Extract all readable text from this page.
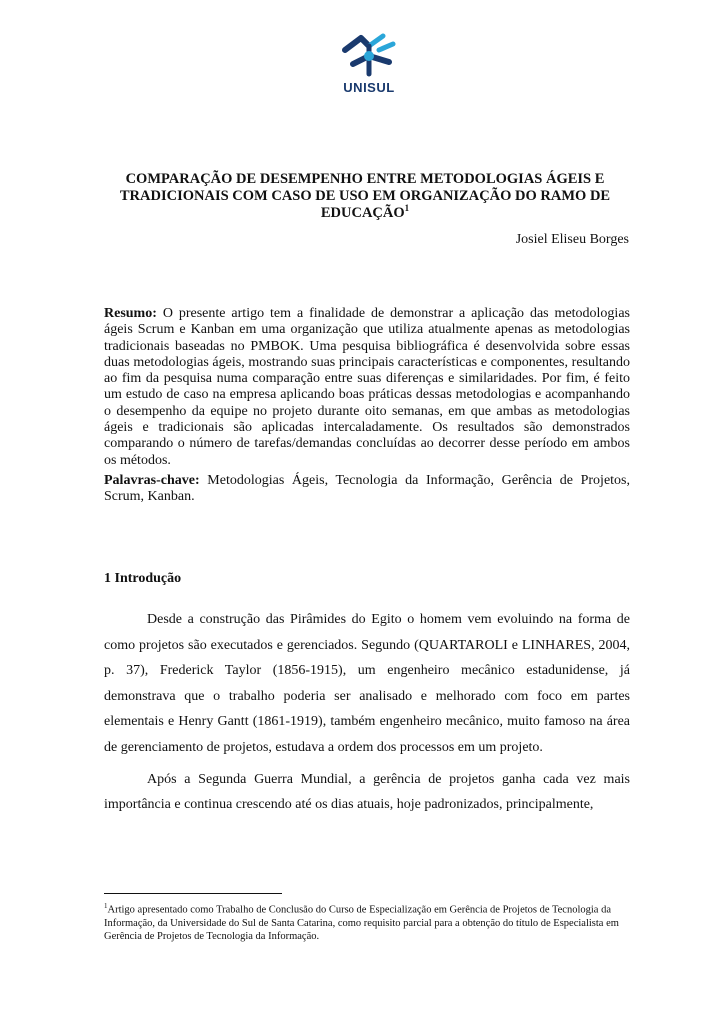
UNISUL
COMPARAÇÃO DE DESEMPENHO ENTRE METODOLOGIAS ÁGEIS E TRADICIONAIS COM CASO DE USO EM ORGANIZAÇÃO DO RAMO DE EDUCAÇÃO$^1$
Josiel Eliseu Borges

Resumo: O presente artigo tem a finalidade de demonstrar a aplicação das metodologias ágeis Scrum e Kanban em uma organização que utiliza atualmente apenas as metodologias tradicionais baseadas no PMBOK. Uma pesquisa bibliográfica é desenvolvida sobre essas duas metodologias ágeis, mostrando suas principais características e componentes, resultando ao fim da pesquisa numa comparação entre suas diferenças e similaridades. Por fim, é feito um estudo de caso na empresa aplicando boas práticas dessas metodologias e acompanhando o desempenho da equipe no projeto durante oito semanas, em que ambas as metodologias ágeis e tradicionais são aplicadas intercaladamente. Os resultados são demonstrados comparando o número de tarefas/demandas concluídas ao decorrer desse período em ambos os métodos.

Palavras-chave: Metodologias Ágeis, Tecnologia da Informação, Gerência de Projetos, Scrum, Kanban.

1 Introdução

Desde a construção das Pirâmides do Egito o homem vem evoluindo na forma de como projetos são executados e gerenciados. Segundo (QUARTAROLI e LINHARES, 2004, p. 37), Frederick Taylor (1856-1915), um engenheiro mecânico estadunidense, já demonstrava que o trabalho poderia ser analisado e melhorado com foco em partes elementais e Henry Gantt (1861-1919), também engenheiro mecânico, muito famoso na área de gerenciamento de projetos, estudava a ordem dos processos em um projeto.

Após a Segunda Guerra Mundial, a gerência de projetos ganha cada vez mais importância e continua crescendo até os dias atuais, hoje padronizados, principalmente,

$^1$Artigo apresentado como Trabalho de Conclusão do Curso de Especialização em Gerência de Projetos de Tecnologia da Informação, da Universidade do Sul de Santa Catarina, como requisito parcial para a obtenção do título de Especialista em Gerência de Projetos de Tecnologia da Informação.
